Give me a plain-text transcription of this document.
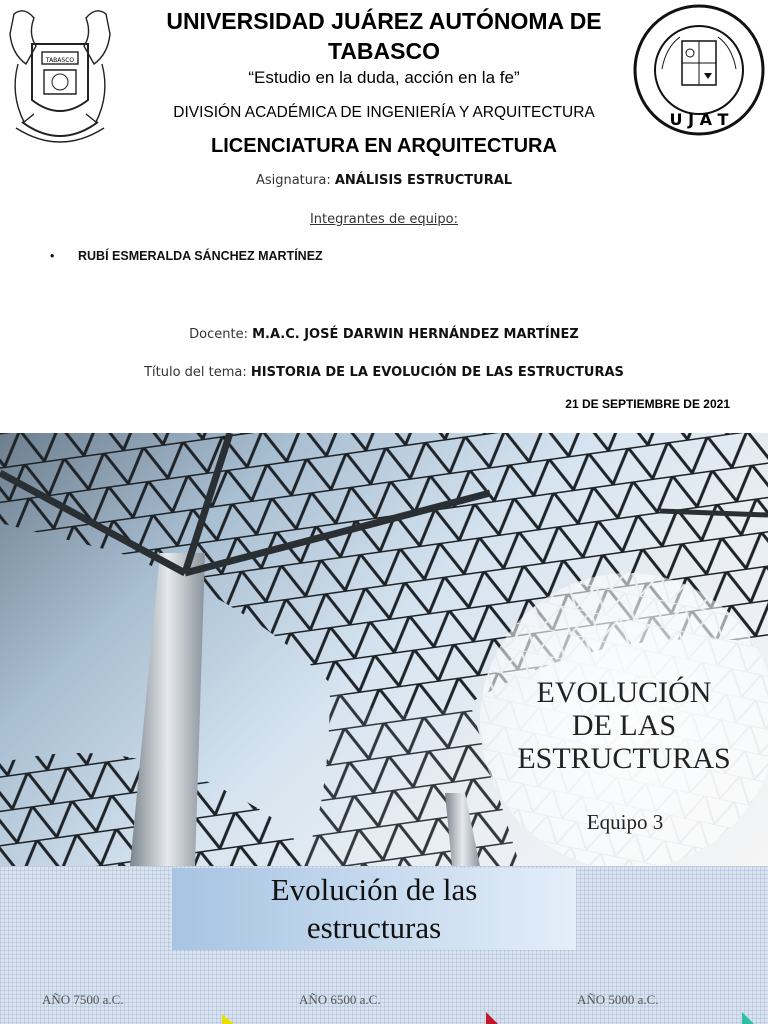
TABASCO
U J A T
UNIVERSIDAD JUÁREZ AUTÓNOMA DE TABASCO
“Estudio en la duda, acción en la fe”
DIVISIÓN ACADÉMICA DE INGENIERÍA Y ARQUITECTURA
LICENCIATURA EN ARQUITECTURA
Asignatura: ANÁLISIS ESTRUCTURAL
Integrantes de equipo:
• RUBÍ ESMERALDA SÁNCHEZ MARTÍNEZ
Docente: M.A.C. JOSÉ DARWIN HERNÁNDEZ MARTÍNEZ
Título del tema: HISTORIA DE LA EVOLUCIÓN DE LAS ESTRUCTURAS
21 DE SEPTIEMBRE DE 2021
EVOLUCIÓN
DE LAS
ESTRUCTURAS
Equipo 3
Evolución de las
estructuras
AÑO 7500 a.C.	AÑO 6500 a.C.	AÑO 5000 a.C.
